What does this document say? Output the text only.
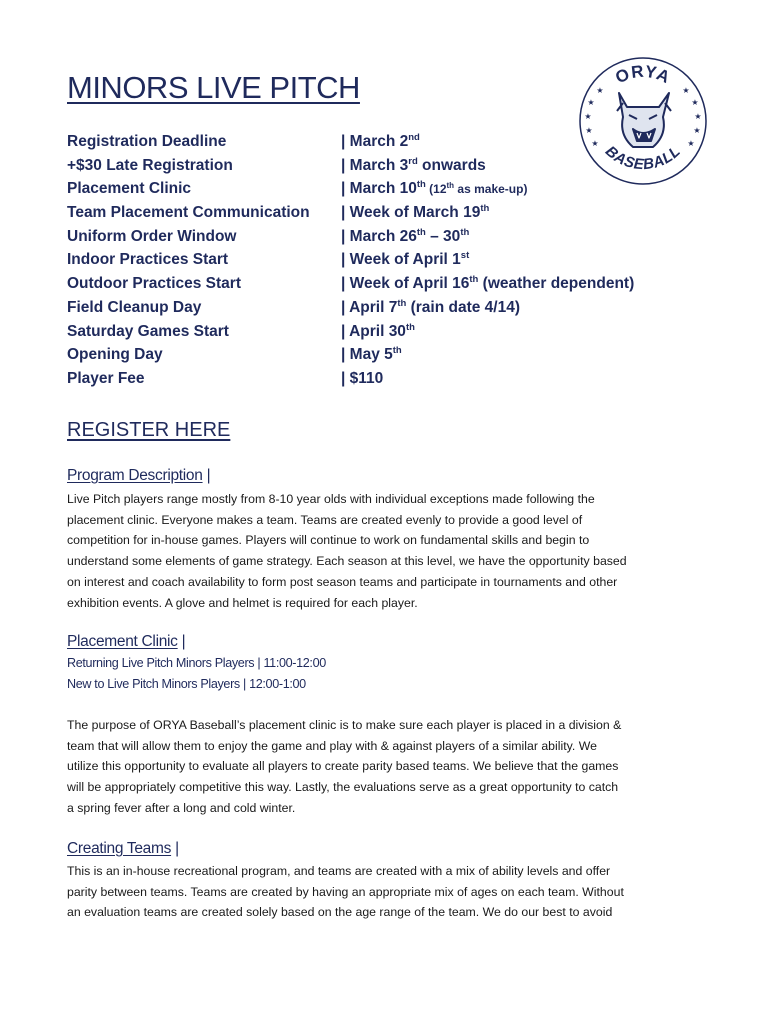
MINORS LIVE PITCH	ORYA
BASEBALL
★
★
★
★
★
★
★
★
★	★
Registration Deadline	| March 2nd
+$30 Late Registration	| March 3rd onwards
Placement Clinic	| March 10th (12th as make-up)
Team Placement Communication | Week of March 19th
Uniform Order Window	| March 26th – 30th
Indoor Practices Start	| Week of April 1st
Outdoor Practices Start	| Week of April 16th (weather dependent)
Field Cleanup Day	| April 7th (rain date 4/14)
Saturday Games Start	| April 30th
Opening Day	| May 5th
Player Fee	| $110
REGISTER HERE
Program Description |
Live Pitch players range mostly from 8-10 year olds with individual exceptions made following the
placement clinic. Everyone makes a team. Teams are created evenly to provide a good level of
competition for in-house games. Players will continue to work on fundamental skills and begin to
understand some elements of game strategy. Each season at this level, we have the opportunity based
on interest and coach availability to form post season teams and participate in tournaments and other
exhibition events. A glove and helmet is required for each player.
Placement Clinic |
Returning Live Pitch Minors Players | 11:00-12:00
New to Live Pitch Minors Players | 12:00-1:00
The purpose of ORYA Baseball’s placement clinic is to make sure each player is placed in a division &
team that will allow them to enjoy the game and play with & against players of a similar ability. We
utilize this opportunity to evaluate all players to create parity based teams. We believe that the games
will be appropriately competitive this way. Lastly, the evaluations serve as a great opportunity to catch
a spring fever after a long and cold winter.
Creating Teams |
This is an in-house recreational program, and teams are created with a mix of ability levels and offer
parity between teams. Teams are created by having an appropriate mix of ages on each team. Without
an evaluation teams are created solely based on the age range of the team. We do our best to avoid
